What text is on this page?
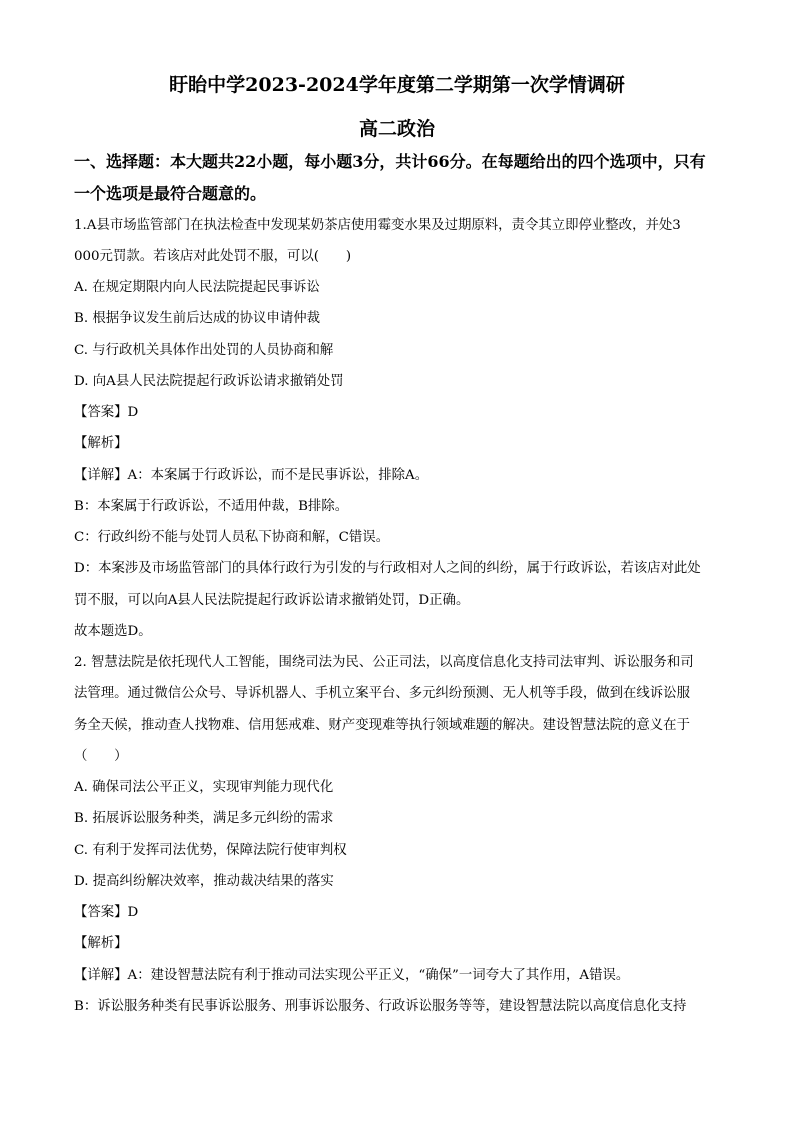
盱眙中学2023-2024学年度第二学期第一次学情调研
高二政治
一、选择题：本大题共22小题，每小题3分，共计66分。在每题给出的四个选项中，只有
一个选项是最符合题意的。
1.A县市场监管部门在执法检查中发现某奶茶店使用霉变水果及过期原料，责令其立即停业整改，并处3
000元罚款。若该店对此处罚不服，可以(　　)
A. 在规定期限内向人民法院提起民事诉讼
B. 根据争议发生前后达成的协议申请仲裁
C. 与行政机关具体作出处罚的人员协商和解
D. 向A县人民法院提起行政诉讼请求撤销处罚
【答案】D
【解析】
【详解】A：本案属于行政诉讼，而不是民事诉讼，排除A。
B：本案属于行政诉讼，不适用仲裁，B排除。
C：行政纠纷不能与处罚人员私下协商和解，C错误。
D：本案涉及市场监管部门的具体行政行为引发的与行政相对人之间的纠纷，属于行政诉讼，若该店对此处
罚不服，可以向A县人民法院提起行政诉讼请求撤销处罚，D正确。
故本题选D。
2. 智慧法院是依托现代人工智能，围绕司法为民、公正司法，以高度信息化支持司法审判、诉讼服务和司
法管理。通过微信公众号、导诉机器人、手机立案平台、多元纠纷预测、无人机等手段，做到在线诉讼服
务全天候，推动查人找物难、信用惩戒难、财产变现难等执行领域难题的解决。建设智慧法院的意义在于
（　　）
A. 确保司法公平正义，实现审判能力现代化
B. 拓展诉讼服务种类，满足多元纠纷的需求
C. 有利于发挥司法优势，保障法院行使审判权
D. 提高纠纷解决效率，推动裁决结果的落实
【答案】D
【解析】
【详解】A：建设智慧法院有利于推动司法实现公平正义，“确保”一词夸大了其作用，A错误。
B：诉讼服务种类有民事诉讼服务、刑事诉讼服务、行政诉讼服务等等，建设智慧法院以高度信息化支持
